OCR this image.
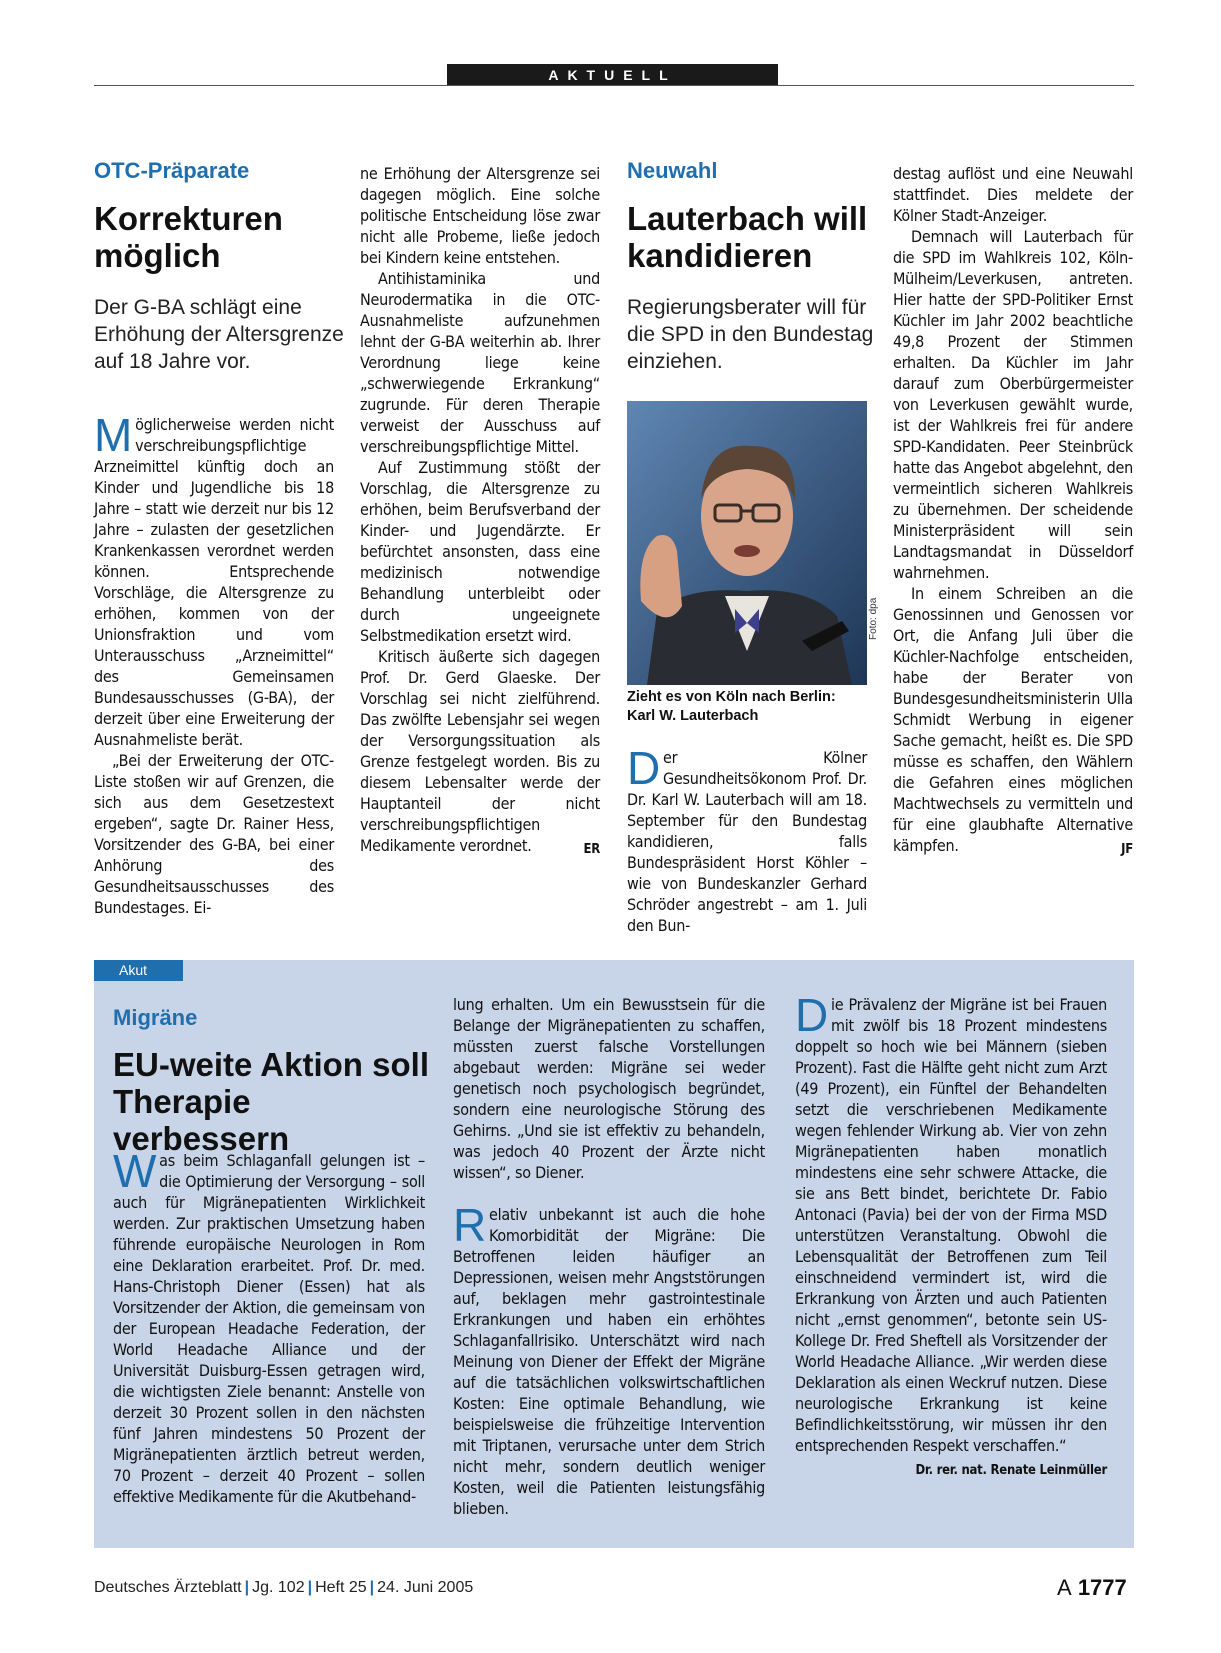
AKTUELL
OTC-Präparate
Korrekturen möglich
Der G-BA schlägt eine Erhöhung der Altersgrenze auf 18 Jahre vor.

Möglicherweise werden nicht verschreibungspflichtige Arzneimittel künftig doch an Kinder und Jugendliche bis 18 Jahre – statt wie derzeit nur bis 12 Jahre – zulasten der gesetzlichen Krankenkassen verordnet werden können. Entsprechende Vorschläge, die Altersgrenze zu erhöhen, kommen von der Unionsfraktion und vom Unterausschuss „Arzneimittel“ des Gemeinsamen Bundesausschusses (G-BA), der derzeit über eine Erweiterung der Ausnahmeliste berät.

„Bei der Erweiterung der OTC-Liste stoßen wir auf Grenzen, die sich aus dem Gesetzestext ergeben“, sagte Dr. Rainer Hess, Vorsitzender des G-BA, bei einer Anhörung des Gesundheitsausschusses des Bundestages. Ei-

ne Erhöhung der Altersgrenze sei dagegen möglich. Eine solche politische Entscheidung löse zwar nicht alle Probeme, ließe jedoch bei Kindern keine entstehen.

Antihistaminika und Neurodermatika in die OTC-Ausnahmeliste aufzunehmen lehnt der G-BA weiterhin ab. Ihrer Verordnung liege keine „schwerwiegende Erkrankung“ zugrunde. Für deren Therapie verweist der Ausschuss auf verschreibungspflichtige Mittel.

Auf Zustimmung stößt der Vorschlag, die Altersgrenze zu erhöhen, beim Berufsverband der Kinder- und Jugendärzte. Er befürchtet ansonsten, dass eine medizinisch notwendige Behandlung unterbleibt oder durch ungeeignete Selbstmedikation ersetzt wird.

Kritisch äußerte sich dagegen Prof. Dr. Gerd Glaeske. Der Vorschlag sei nicht zielführend. Das zwölfte Lebensjahr sei wegen der Versorgungssituation als Grenze festgelegt worden. Bis zu diesem Lebensalter werde der Hauptanteil der nicht verschreibungspflichtigen Medikamente verordnet.	ER

Neuwahl
Lauterbach will kandidieren
Regierungsberater will für die SPD in den Bundestag einziehen.
Foto: dpa
Zieht es von Köln nach Berlin: Karl W. Lauterbach

Der Kölner Gesundheitsökonom Prof. Dr. Dr. Karl W. Lauterbach will am 18. September für den Bundestag kandidieren, falls Bundespräsident Horst Köhler – wie von Bundeskanzler Gerhard Schröder angestrebt – am 1. Juli den Bun-

destag auflöst und eine Neuwahl stattfindet. Dies meldete der Kölner Stadt-Anzeiger.

Demnach will Lauterbach für die SPD im Wahlkreis 102, Köln-Mülheim/Leverkusen, antreten. Hier hatte der SPD-Politiker Ernst Küchler im Jahr 2002 beachtliche 49,8 Prozent der Stimmen erhalten. Da Küchler im Jahr darauf zum Oberbürgermeister von Leverkusen gewählt wurde, ist der Wahlkreis frei für andere SPD-Kandidaten. Peer Steinbrück hatte das Angebot abgelehnt, den vermeintlich sicheren Wahlkreis zu übernehmen. Der scheidende Ministerpräsident will sein Landtagsmandat in Düsseldorf wahrnehmen.

In einem Schreiben an die Genossinnen und Genossen vor Ort, die Anfang Juli über die Küchler-Nachfolge entscheiden, habe der Berater von Bundesgesundheitsministerin Ulla Schmidt Werbung in eigener Sache gemacht, heißt es. Die SPD müsse es schaffen, den Wählern die Gefahren eines möglichen Machtwechsels zu vermitteln und für eine glaubhafte Alternative kämpfen.	JF

Akut
Migräne
EU-weite Aktion soll Therapie verbessern

Was beim Schlaganfall gelungen ist – die Optimierung der Versorgung – soll auch für Migränepatienten Wirklichkeit werden. Zur praktischen Umsetzung haben führende europäische Neurologen in Rom eine Deklaration erarbeitet. Prof. Dr. med. Hans-Christoph Diener (Essen) hat als Vorsitzender der Aktion, die gemeinsam von der European Headache Federation, der World Headache Alliance und der Universität Duisburg-Essen getragen wird, die wichtigsten Ziele benannt: Anstelle von derzeit 30 Prozent sollen in den nächsten fünf Jahren mindestens 50 Prozent der Migränepatienten ärztlich betreut werden, 70 Prozent – derzeit 40 Prozent – sollen effektive Medikamente für die Akutbehand-

lung erhalten. Um ein Bewusstsein für die Belange der Migränepatienten zu schaffen, müssten zuerst falsche Vorstellungen abgebaut werden: Migräne sei weder genetisch noch psychologisch begründet, sondern eine neurologische Störung des Gehirns. „Und sie ist effektiv zu behandeln, was jedoch 40 Prozent der Ärzte nicht wissen“, so Diener.

Relativ unbekannt ist auch die hohe Komorbidität der Migräne: Die Betroffenen leiden häufiger an Depressionen, weisen mehr Angststörungen auf, beklagen mehr gastrointestinale Erkrankungen und haben ein erhöhtes Schlaganfallrisiko. Unterschätzt wird nach Meinung von Diener der Effekt der Migräne auf die tatsächlichen volkswirtschaftlichen Kosten: Eine optimale Behandlung, wie beispielsweise die frühzeitige Intervention mit Triptanen, verursache unter dem Strich nicht mehr, sondern deutlich weniger Kosten, weil die Patienten leistungsfähig blieben.

Die Prävalenz der Migräne ist bei Frauen mit zwölf bis 18 Prozent mindestens doppelt so hoch wie bei Männern (sieben Prozent). Fast die Hälfte geht nicht zum Arzt (49 Prozent), ein Fünftel der Behandelten setzt die verschriebenen Medikamente wegen fehlender Wirkung ab. Vier von zehn Migränepatienten haben monatlich mindestens eine sehr schwere Attacke, die sie ans Bett bindet, berichtete Dr. Fabio Antonaci (Pavia) bei der von der Firma MSD unterstützen Veranstaltung. Obwohl die Lebensqualität der Betroffenen zum Teil einschneidend vermindert ist, wird die Erkrankung von Ärzten und auch Patienten nicht „ernst genommen“, betonte sein US-Kollege Dr. Fred Sheftell als Vorsitzender der World Headache Alliance. „Wir werden diese Deklaration als einen Weckruf nutzen. Diese neurologische Erkrankung ist keine Befindlichkeitsstörung, wir müssen ihr den entsprechenden Respekt verschaffen.“
Dr. rer. nat. Renate Leinmüller

Deutsches Ärzteblatt | Jg. 102 | Heft 25 | 24. Juni 2005	A 1777
